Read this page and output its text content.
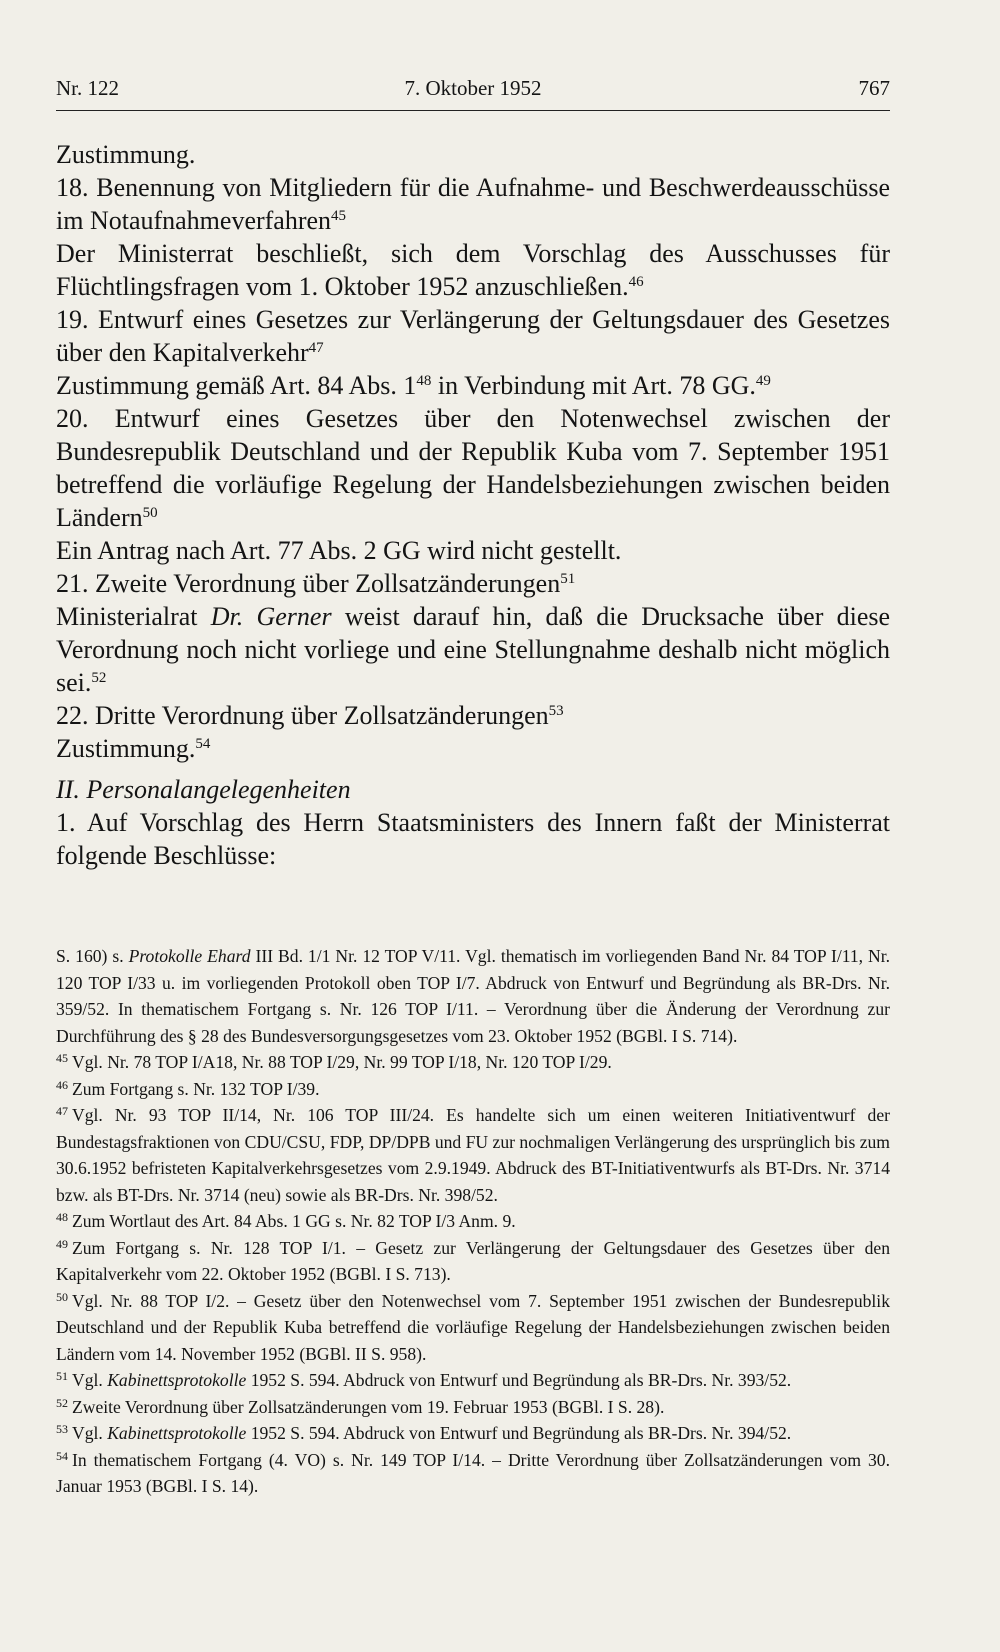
Nr. 122	7. Oktober 1952	767

Zustimmung.

18. Benennung von Mitgliedern für die Aufnahme- und Beschwerdeausschüsse im Notaufnahmeverfahren$^{45}$

Der Ministerrat beschließt, sich dem Vorschlag des Ausschusses für Flüchtlingsfragen vom 1. Oktober 1952 anzuschließen.$^{46}$

19. Entwurf eines Gesetzes zur Verlängerung der Geltungsdauer des Gesetzes über den Kapitalverkehr$^{47}$

Zustimmung gemäß Art. 84 Abs. 1$^{48}$ in Verbindung mit Art. 78 GG.$^{49}$

20. Entwurf eines Gesetzes über den Notenwechsel zwischen der Bundesrepublik Deutschland und der Republik Kuba vom 7. September 1951 betreffend die vorläufige Regelung der Handelsbeziehungen zwischen beiden Ländern$^{50}$

Ein Antrag nach Art. 77 Abs. 2 GG wird nicht gestellt.

21. Zweite Verordnung über Zollsatzänderungen$^{51}$

Ministerialrat Dr. Gerner weist darauf hin, daß die Drucksache über diese Verordnung noch nicht vorliege und eine Stellungnahme deshalb nicht möglich sei.$^{52}$

22. Dritte Verordnung über Zollsatzänderungen$^{53}$

Zustimmung.$^{54}$

II. Personalangelegenheiten

1. Auf Vorschlag des Herrn Staatsministers des Innern faßt der Ministerrat folgende Beschlüsse:

S. 160) s. Protokolle Ehard III Bd. 1/1 Nr. 12 TOP V/11. Vgl. thematisch im vorliegenden Band Nr. 84 TOP I/11, Nr. 120 TOP I/33 u. im vorliegenden Protokoll oben TOP I/7. Abdruck von Entwurf und Begründung als BR-Drs. Nr. 359/52. In thematischem Fortgang s. Nr. 126 TOP I/11. – Verordnung über die Änderung der Verordnung zur Durchführung des § 28 des Bundesversorgungsgesetzes vom 23. Oktober 1952 (BGBl. I S. 714).

$^{45}$ Vgl. Nr. 78 TOP I/A18, Nr. 88 TOP I/29, Nr. 99 TOP I/18, Nr. 120 TOP I/29.

$^{46}$ Zum Fortgang s. Nr. 132 TOP I/39.

$^{47}$ Vgl. Nr. 93 TOP II/14, Nr. 106 TOP III/24. Es handelte sich um einen weiteren Initiativentwurf der Bundestagsfraktionen von CDU/CSU, FDP, DP/DPB und FU zur nochmaligen Verlängerung des ursprünglich bis zum 30.6.1952 befristeten Kapitalverkehrsgesetzes vom 2.9.1949. Abdruck des BT-Initiativentwurfs als BT-Drs. Nr. 3714 bzw. als BT-Drs. Nr. 3714 (neu) sowie als BR-Drs. Nr. 398/52.

$^{48}$ Zum Wortlaut des Art. 84 Abs. 1 GG s. Nr. 82 TOP I/3 Anm. 9.

$^{49}$ Zum Fortgang s. Nr. 128 TOP I/1. – Gesetz zur Verlängerung der Geltungsdauer des Gesetzes über den Kapitalverkehr vom 22. Oktober 1952 (BGBl. I S. 713).

$^{50}$ Vgl. Nr. 88 TOP I/2. – Gesetz über den Notenwechsel vom 7. September 1951 zwischen der Bundesrepublik Deutschland und der Republik Kuba betreffend die vorläufige Regelung der Handelsbeziehungen zwischen beiden Ländern vom 14. November 1952 (BGBl. II S. 958).

$^{51}$ Vgl. Kabinettsprotokolle 1952 S. 594. Abdruck von Entwurf und Begründung als BR-Drs. Nr. 393/52.

$^{52}$ Zweite Verordnung über Zollsatzänderungen vom 19. Februar 1953 (BGBl. I S. 28).

$^{53}$ Vgl. Kabinettsprotokolle 1952 S. 594. Abdruck von Entwurf und Begründung als BR-Drs. Nr. 394/52.

$^{54}$ In thematischem Fortgang (4. VO) s. Nr. 149 TOP I/14. – Dritte Verordnung über Zollsatzänderungen vom 30. Januar 1953 (BGBl. I S. 14).
